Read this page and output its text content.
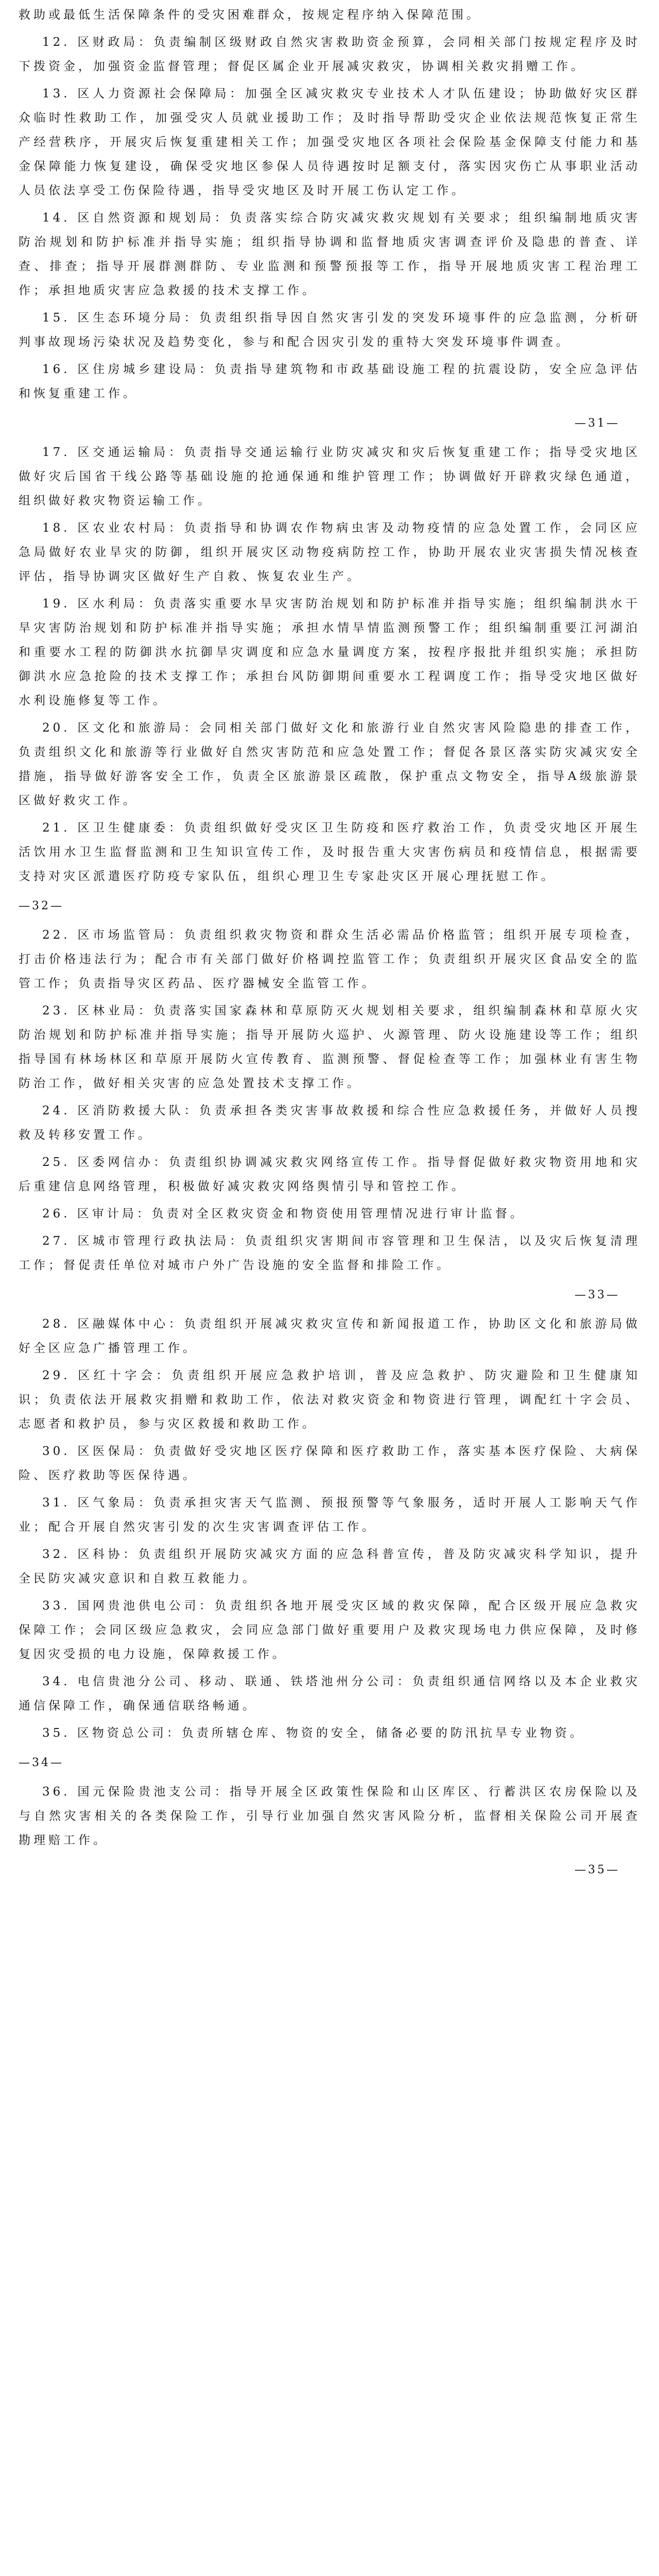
救助或最低生活保障条件的受灾困难群众，按规定程序纳入保障范围。

12. 区财政局：负责编制区级财政自然灾害救助资金预算，会同相关部门按规定程序及时下拨资金，加强资金监督管理；督促区属企业开展减灾救灾，协调相关救灾捐赠工作。

13. 区人力资源社会保障局：加强全区减灾救灾专业技术人才队伍建设；协助做好灾区群众临时性救助工作，加强受灾人员就业援助工作；及时指导帮助受灾企业依法规范恢复正常生产经营秩序，开展灾后恢复重建相关工作；加强受灾地区各项社会保险基金保障支付能力和基金保障能力恢复建设，确保受灾地区参保人员待遇按时足额支付，落实因灾伤亡从事职业活动人员依法享受工伤保险待遇，指导受灾地区及时开展工伤认定工作。

14. 区自然资源和规划局：负责落实综合防灾减灾救灾规划有关要求；组织编制地质灾害防治规划和防护标准并指导实施；组织指导协调和监督地质灾害调查评价及隐患的普查、详查、排查；指导开展群测群防、专业监测和预警预报等工作，指导开展地质灾害工程治理工作；承担地质灾害应急救援的技术支撑工作。

15. 区生态环境分局：负责组织指导因自然灾害引发的突发环境事件的应急监测，分析研判事故现场污染状况及趋势变化，参与和配合因灾引发的重特大突发环境事件调查。

16. 区住房城乡建设局：负责指导建筑物和市政基础设施工程的抗震设防，安全应急评估和恢复重建工作。

—31—

17. 区交通运输局：负责指导交通运输行业防灾减灾和灾后恢复重建工作；指导受灾地区做好灾后国省干线公路等基础设施的抢通保通和维护管理工作；协调做好开辟救灾绿色通道，组织做好救灾物资运输工作。

18. 区农业农村局：负责指导和协调农作物病虫害及动物疫情的应急处置工作，会同区应急局做好农业旱灾的防御，组织开展灾区动物疫病防控工作，协助开展农业灾害损失情况核查评估，指导协调灾区做好生产自救、恢复农业生产。

19. 区水利局：负责落实重要水旱灾害防治规划和防护标准并指导实施；组织编制洪水干旱灾害防治规划和防护标准并指导实施；承担水情旱情监测预警工作；组织编制重要江河湖泊和重要水工程的防御洪水抗御旱灾调度和应急水量调度方案，按程序报批并组织实施；承担防御洪水应急抢险的技术支撑工作；承担台风防御期间重要水工程调度工作；指导受灾地区做好水利设施修复等工作。

20. 区文化和旅游局：会同相关部门做好文化和旅游行业自然灾害风险隐患的排查工作，负责组织文化和旅游等行业做好自然灾害防范和应急处置工作；督促各景区落实防灾减灾安全措施，指导做好游客安全工作，负责全区旅游景区疏散，保护重点文物安全，指导A级旅游景区做好救灾工作。

21. 区卫生健康委：负责组织做好受灾区卫生防疫和医疗救治工作，负责受灾地区开展生活饮用水卫生监督监测和卫生知识宣传工作，及时报告重大灾害伤病员和疫情信息，根据需要支持对灾区派遣医疗防疫专家队伍，组织心理卫生专家赴灾区开展心理抚慰工作。

—32—

22. 区市场监管局：负责组织救灾物资和群众生活必需品价格监管；组织开展专项检查，打击价格违法行为；配合市有关部门做好价格调控监管工作；负责组织开展灾区食品安全的监管工作；负责指导灾区药品、医疗器械安全监管工作。

23. 区林业局：负责落实国家森林和草原防灭火规划相关要求，组织编制森林和草原火灾防治规划和防护标准并指导实施；指导开展防火巡护、火源管理、防火设施建设等工作；组织指导国有林场林区和草原开展防火宣传教育、监测预警、督促检查等工作；加强林业有害生物防治工作，做好相关灾害的应急处置技术支撑工作。

24. 区消防救援大队：负责承担各类灾害事故救援和综合性应急救援任务，并做好人员搜救及转移安置工作。

25. 区委网信办：负责组织协调减灾救灾网络宣传工作。指导督促做好救灾物资用地和灾后重建信息网络管理，积极做好减灾救灾网络舆情引导和管控工作。

26. 区审计局：负责对全区救灾资金和物资使用管理情况进行审计监督。

27. 区城市管理行政执法局：负责组织灾害期间市容管理和卫生保洁，以及灾后恢复清理工作；督促责任单位对城市户外广告设施的安全监督和排险工作。

—33—

28. 区融媒体中心：负责组织开展减灾救灾宣传和新闻报道工作，协助区文化和旅游局做好全区应急广播管理工作。

29. 区红十字会：负责组织开展应急救护培训，普及应急救护、防灾避险和卫生健康知识；负责依法开展救灾捐赠和救助工作，依法对救灾资金和物资进行管理，调配红十字会员、志愿者和救护员，参与灾区救援和救助工作。

30. 区医保局：负责做好受灾地区医疗保障和医疗救助工作，落实基本医疗保险、大病保险、医疗救助等医保待遇。

31. 区气象局：负责承担灾害天气监测、预报预警等气象服务，适时开展人工影响天气作业；配合开展自然灾害引发的次生灾害调查评估工作。

32. 区科协：负责组织开展防灾减灾方面的应急科普宣传，普及防灾减灾科学知识，提升全民防灾减灾意识和自救互救能力。

33. 国网贵池供电公司：负责组织各地开展受灾区域的救灾保障，配合区级开展应急救灾保障工作；会同区级应急救灾，会同应急部门做好重要用户及救灾现场电力供应保障，及时修复因灾受损的电力设施，保障救援工作。

34. 电信贵池分公司、移动、联通、铁塔池州分公司：负责组织通信网络以及本企业救灾通信保障工作，确保通信联络畅通。

35. 区物资总公司：负责所辖仓库、物资的安全，储备必要的防汛抗旱专业物资。

—34—

36. 国元保险贵池支公司：指导开展全区政策性保险和山区库区、行蓄洪区农房保险以及与自然灾害相关的各类保险工作，引导行业加强自然灾害风险分析，监督相关保险公司开展查勘理赔工作。

—35—
